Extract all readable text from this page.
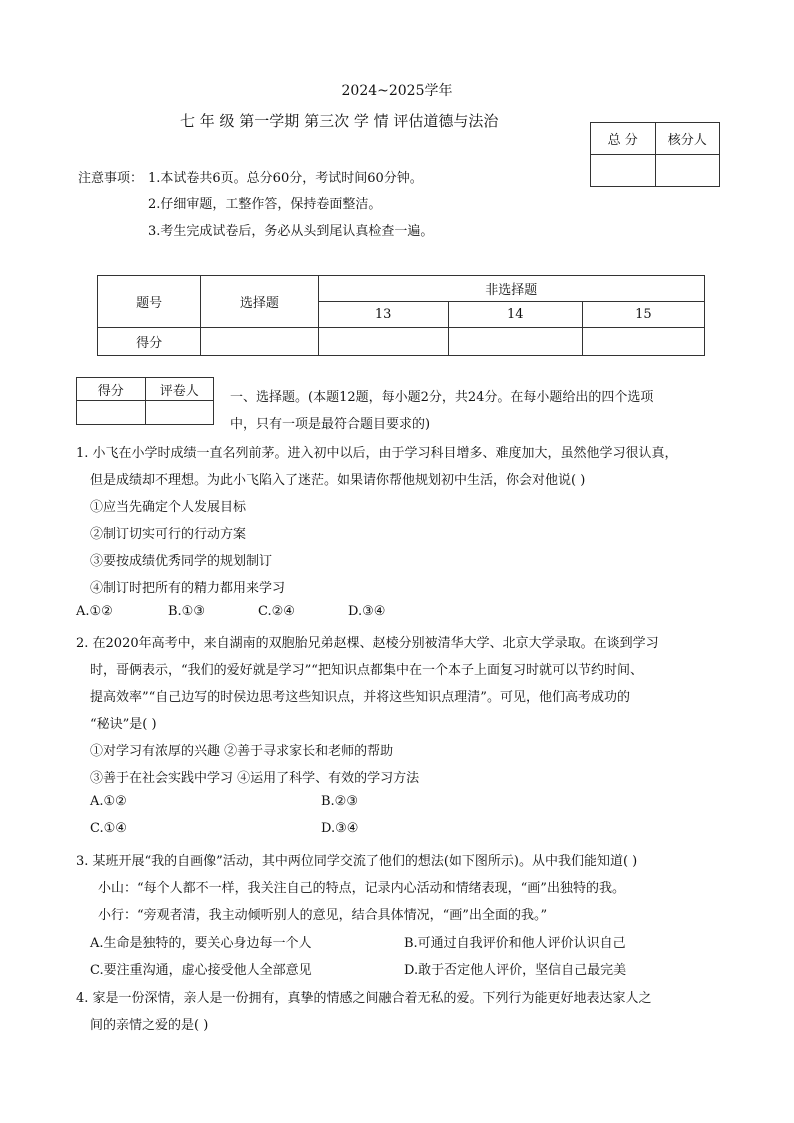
2024~2025学年
七 年 级 第一学期 第三次 学 情 评估道德与法治
总 分	核分人

注意事项： 1.本试卷共6页。总分60分，考试时间60分钟。
2.仔细审题，工整作答，保持卷面整洁。
3.考生完成试卷后，务必从头到尾认真检查一遍。
题号	选择题	非选择题		
		13	14	15
得分				
得分	评卷人
	一、选择题。(本题12题，每小题2分，共24分。在每小题给出的四个选项
中，只有一项是最符合题目要求的)
1. 小飞在小学时成绩一直名列前茅。进入初中以后，由于学习科目增多、难度加大，虽然他学习很认真，
但是成绩却不理想。为此小飞陷入了迷茫。如果请你帮他规划初中生活，你会对他说( )
①应当先确定个人发展目标
②制订切实可行的行动方案
③要按成绩优秀同学的规划制订
④制订时把所有的精力都用来学习
A.①②	B.①③	C.②④	D.③④
2. 在2020年高考中，来自湖南的双胞胎兄弟赵棵、赵棱分别被清华大学、北京大学录取。在谈到学习
时，哥俩表示，“我们的爱好就是学习”“把知识点都集中在一个本子上面复习时就可以节约时间、
提高效率”“自己边写的时侯边思考这些知识点，并将这些知识点理清”。可见，他们高考成功的
“秘诀”是( )
①对学习有浓厚的兴趣 ②善于寻求家长和老师的帮助
③善于在社会实践中学习 ④运用了科学、有效的学习方法
A.①②	B.②③
C.①④	D.③④
3. 某班开展“我的自画像”活动，其中两位同学交流了他们的想法(如下图所示)。从中我们能知道( )
小山：“每个人都不一样，我关注自己的特点，记录内心活动和情绪表现，“画”出独特的我。
小行：“旁观者清，我主动倾听别人的意见，结合具体情况，“画”出全面的我。”
A.生命是独特的，要关心身边每一个人	B.可通过自我评价和他人评价认识自己
C.要注重沟通，虚心接受他人全部意见	D.敢于否定他人评价，坚信自己最完美
4. 家是一份深情，亲人是一份拥有，真挚的情感之间融合着无私的爱。下列行为能更好地表达家人之
间的亲情之爱的是( )
